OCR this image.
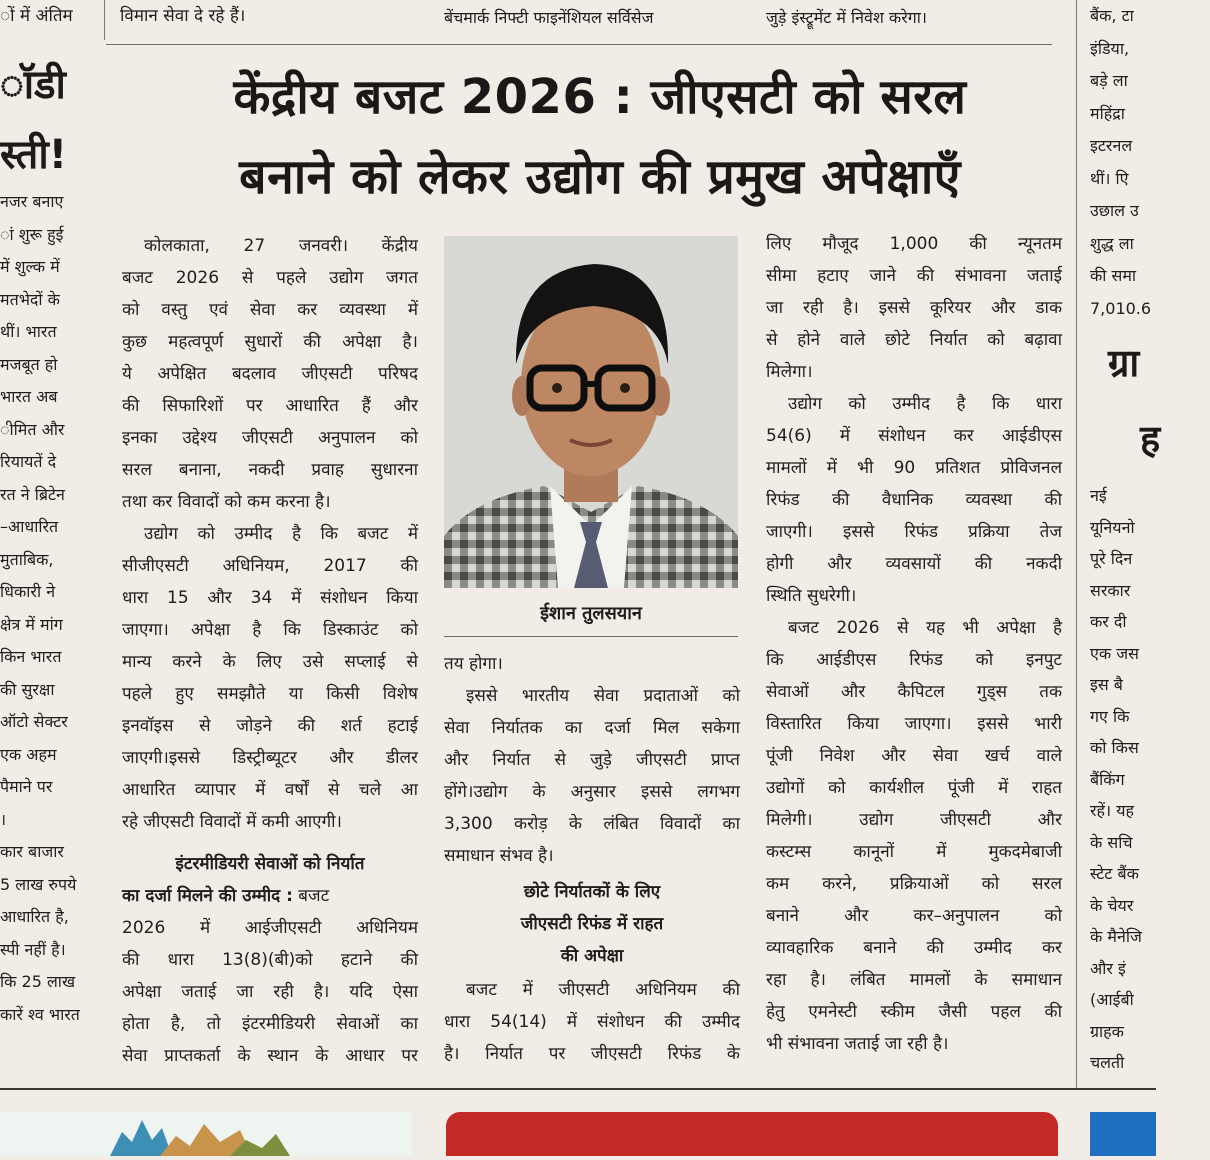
ों में अंतिम	विमान सेवा दे रहे हैं।	बेंचमार्क निफ्टी फाइनेंशियल सर्विसेज	जुड़े इंस्ट्रूमेंट में निवेश करेगा।
केंद्रीय बजट 2026 : जीएसटी को सरल
बनाने को लेकर उद्योग की प्रमुख अपेक्षाएँ
ॉडी
स्ती!
नजर बनाए
ां शुरू हुई
में शुल्क में
मतभेदों के
थीं। भारत
मजबूत हो
भारत अब
ीमित और
रियायतें दे
रत ने ब्रिटेन
–आधारित
मुताबिक,
धिकारी ने
क्षेत्र में मांग
किन भारत
की सुरक्षा
ऑटो सेक्टर
एक अहम
पैमाने पर
।
कार बाजार
5 लाख रुपये
आधारित है,
स्पी नहीं है।
कि 25 लाख
कारें श्व भारत
कोलकाता, 27 जनवरी। केंद्रीय
बजट 2026 से पहले उद्योग जगत
को वस्तु एवं सेवा कर व्यवस्था में
कुछ महत्वपूर्ण सुधारों की अपेक्षा है।
ये अपेक्षित बदलाव जीएसटी परिषद
की सिफारिशों पर आधारित हैं और
इनका उद्देश्य जीएसटी अनुपालन को
सरल बनाना, नकदी प्रवाह सुधारना
तथा कर विवादों को कम करना है।
उद्योग को उम्मीद है कि बजट में
सीजीएसटी अधिनियम, 2017 की
धारा 15 और 34 में संशोधन किया
जाएगा। अपेक्षा है कि डिस्काउंट को
मान्य करने के लिए उसे सप्लाई से
पहले हुए समझौते या किसी विशेष
इनवॉइस से जोड़ने की शर्त हटाई
जाएगी।इससे डिस्ट्रीब्यूटर और डीलर
आधारित व्यापार में वर्षों से चले आ
रहे जीएसटी विवादों में कमी आएगी।
इंटरमीडियरी सेवाओं को निर्यात
का दर्जा मिलने की उम्मीद : बजट
2026 में आईजीएसटी अधिनियम
की धारा 13(8)(बी)को हटाने की
अपेक्षा जताई जा रही है। यदि ऐसा
होता है, तो इंटरमीडियरी सेवाओं का
सेवा प्राप्तकर्ता के स्थान के आधार पर
ईशान तुलसयान
तय होगा।
इससे भारतीय सेवा प्रदाताओं को
सेवा निर्यातक का दर्जा मिल सकेगा
और निर्यात से जुड़े जीएसटी प्राप्त
होंगे।उद्योग के अनुसार इससे लगभग
3,300 करोड़ के लंबित विवादों का
समाधान संभव है।
छोटे निर्यातकों के लिए
जीएसटी रिफंड में राहत
की अपेक्षा
बजट में जीएसटी अधिनियम की
धारा 54(14) में संशोधन की उम्मीद
है। निर्यात पर जीएसटी रिफंड के
लिए मौजूद 1,000 की न्यूनतम
सीमा हटाए जाने की संभावना जताई
जा रही है। इससे कूरियर और डाक
से होने वाले छोटे निर्यात को बढ़ावा
मिलेगा।
उद्योग को उम्मीद है कि धारा
54(6) में संशोधन कर आईडीएस
मामलों में भी 90 प्रतिशत प्रोविजनल
रिफंड की वैधानिक व्यवस्था की
जाएगी। इससे रिफंड प्रक्रिया तेज
होगी और व्यवसायों की नकदी
स्थिति सुधरेगी।
बजट 2026 से यह भी अपेक्षा है
कि आईडीएस रिफंड को इनपुट
सेवाओं और कैपिटल गुड्स तक
विस्तारित किया जाएगा। इससे भारी
पूंजी निवेश और सेवा खर्च वाले
उद्योगों को कार्यशील पूंजी में राहत
मिलेगी। उद्योग जीएसटी और
कस्टम्स कानूनों में मुकदमेबाजी
कम करने, प्रक्रियाओं को सरल
बनाने और कर–अनुपालन को
व्यावहारिक बनाने की उम्मीद कर
रहा है। लंबित मामलों के समाधान
हेतु एमनेस्टी स्कीम जैसी पहल की
भी संभावना जताई जा रही है।
बैंक, टा
इंडिया,
बड़े ला
महिंद्रा
इटरनल
थीं। एि
उछाल उ
शुद्ध ला
की समा
7,010.6
ग्रा
ह
नई
यूनियनो
पूरे दिन
सरकार
कर दी
एक जस
इस बै
गए कि
को किस
बैंकिंग
रहें। यह
के सचि
स्टेट बैंक
के चेयर
के मैनेजि
और इं
(आईबी
ग्राहक
चलती
